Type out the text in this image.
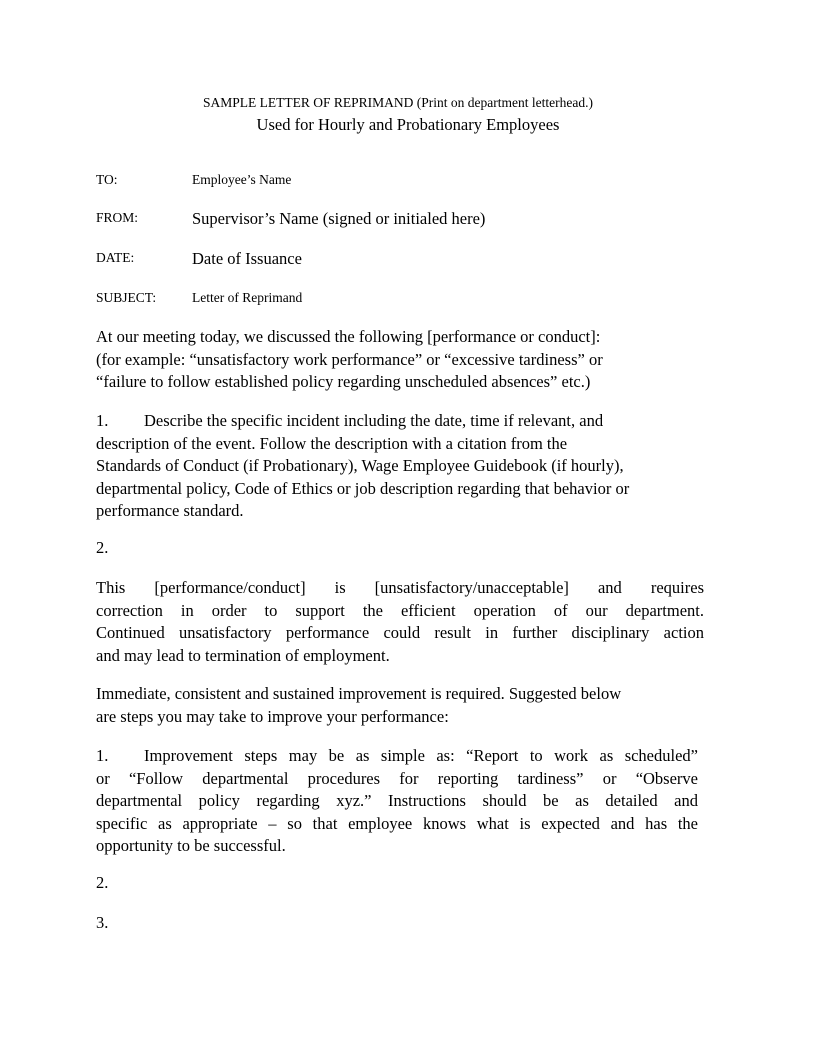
SAMPLE LETTER OF REPRIMAND (Print on department letterhead.)
Used for Hourly and Probationary Employees
TO:	Employee’s Name
FROM:	Supervisor’s Name (signed or initialed here)
DATE:	Date of Issuance
SUBJECT:	Letter of Reprimand
At our meeting today, we discussed the following [performance or conduct]:
(for example: “unsatisfactory work performance” or “excessive tardiness” or
“failure to follow established policy regarding unscheduled absences” etc.)
1. Describe the specific incident including the date, time if relevant, and
description of the event. Follow the description with a citation from the
Standards of Conduct (if Probationary), Wage Employee Guidebook (if hourly),
departmental policy, Code of Ethics or job description regarding that behavior or
performance standard.
2.
This [performance/conduct] is [unsatisfactory/unacceptable] and requires
correction in order to support the efficient operation of our department.
Continued unsatisfactory performance could result in further disciplinary action
and may lead to termination of employment.
Immediate, consistent and sustained improvement is required. Suggested below
are steps you may take to improve your performance:
1. Improvement steps may be as simple as: “Report to work as scheduled”
or “Follow departmental procedures for reporting tardiness” or “Observe
departmental policy regarding xyz.” Instructions should be as detailed and
specific as appropriate – so that employee knows what is expected and has the
opportunity to be successful.
2.
3.
